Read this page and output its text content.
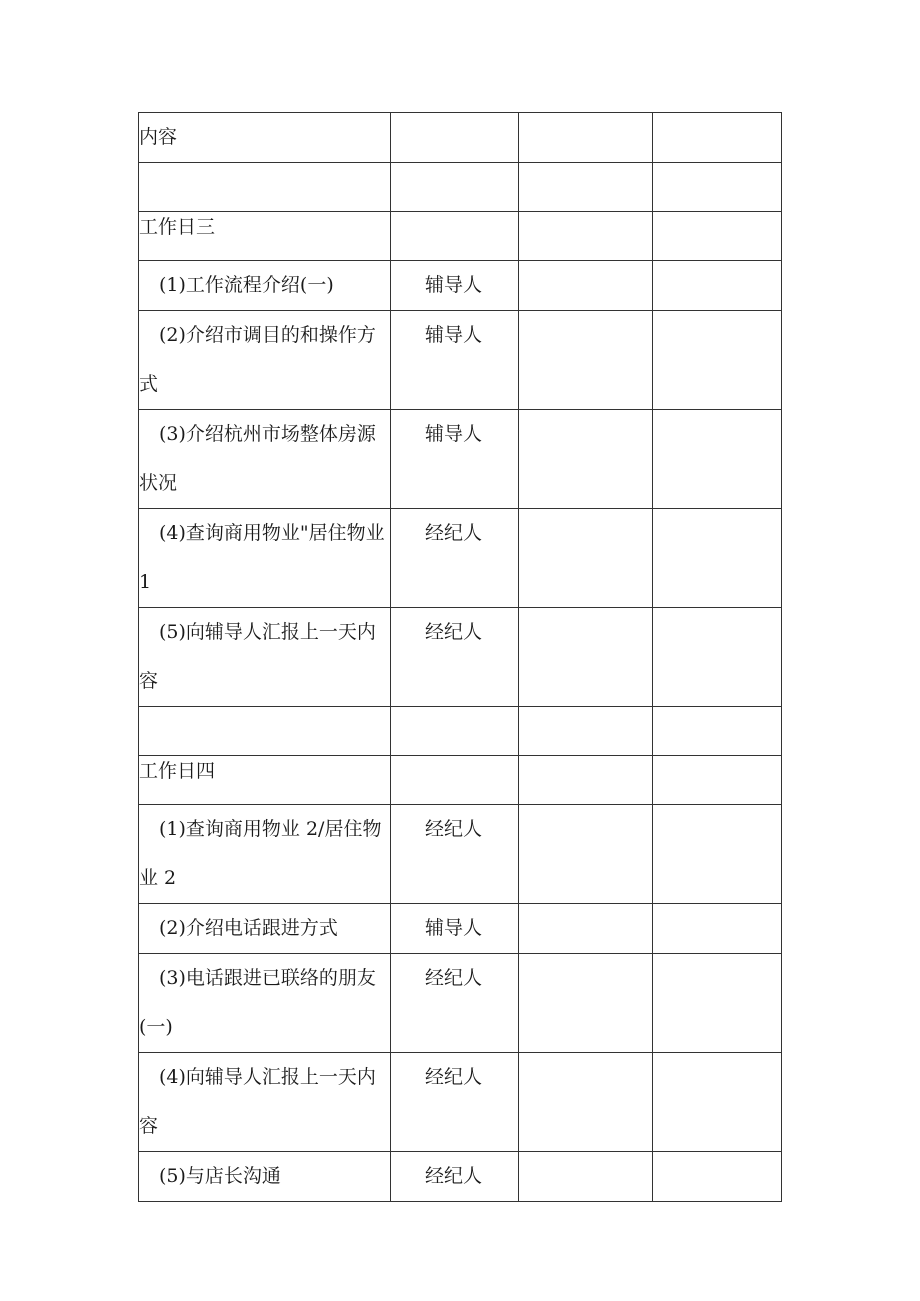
内容			

工作日三			

(1)工作流程介绍(一)	辅导人		

(2)介绍市调目的和操作方式	辅导人		

(3)介绍杭州市场整体房源状况	辅导人		

(4)查询商用物业"居住物业 1	经纪人		

(5)向辅导人汇报上一天内容	经纪人		

工作日四			

(1)查询商用物业 2/居住物业 2	经纪人		

(2)介绍电话跟进方式	辅导人		

(3)电话跟进已联络的朋友(一)	经纪人		

(4)向辅导人汇报上一天内容	经纪人		

(5)与店长沟通	经纪人		
